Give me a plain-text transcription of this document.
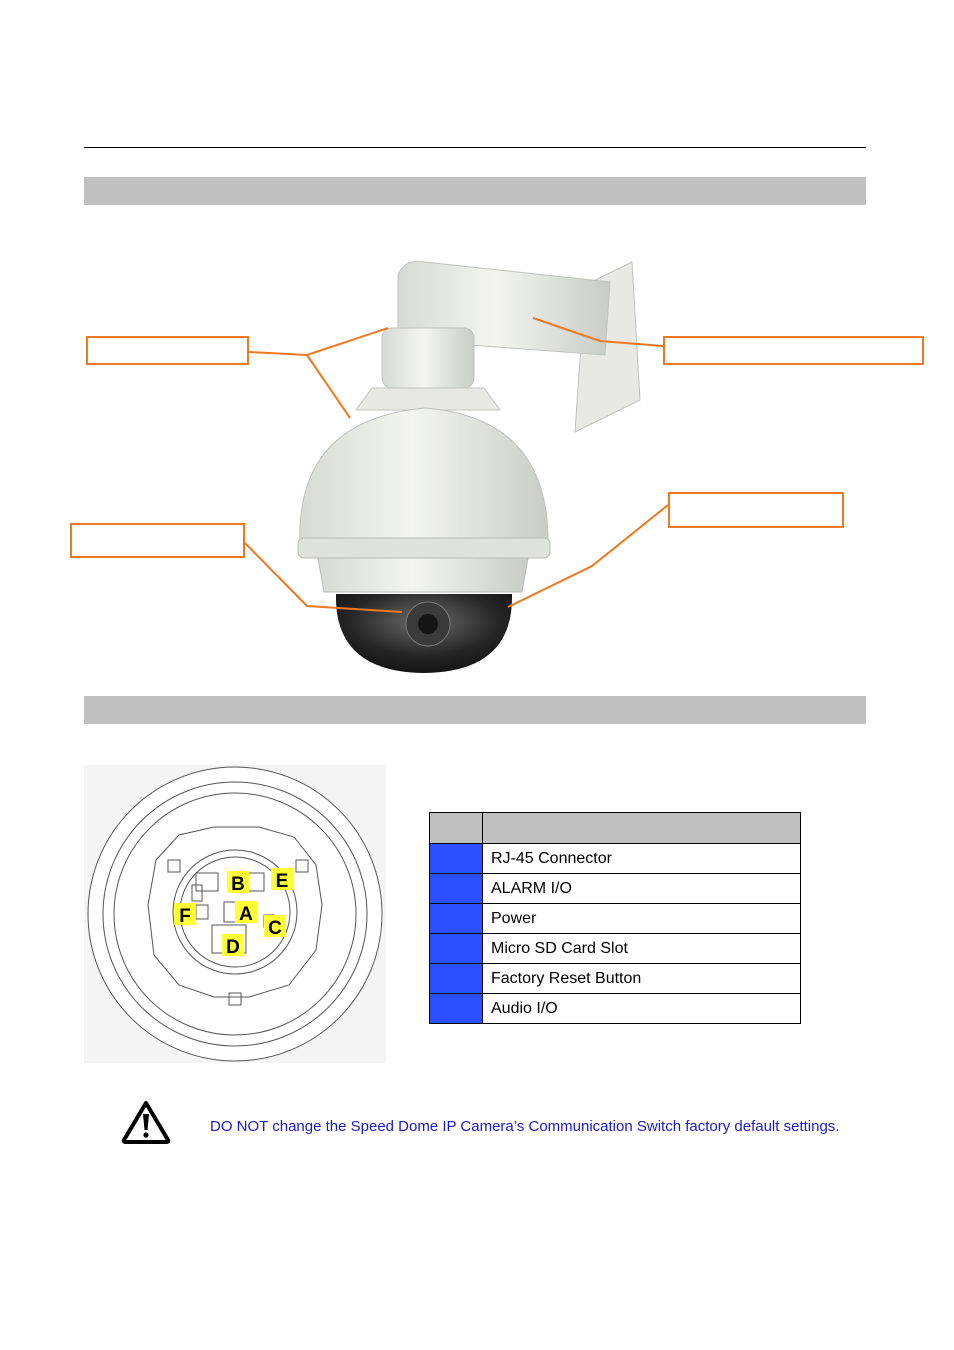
B E
F	A
C
D

	RJ-45 Connector
	ALARM I/O
	Power
	Micro SD Card Slot
	Factory Reset Button
	Audio I/O
DO NOT change the Speed Dome IP Camera’s Communication Switch factory default settings.
